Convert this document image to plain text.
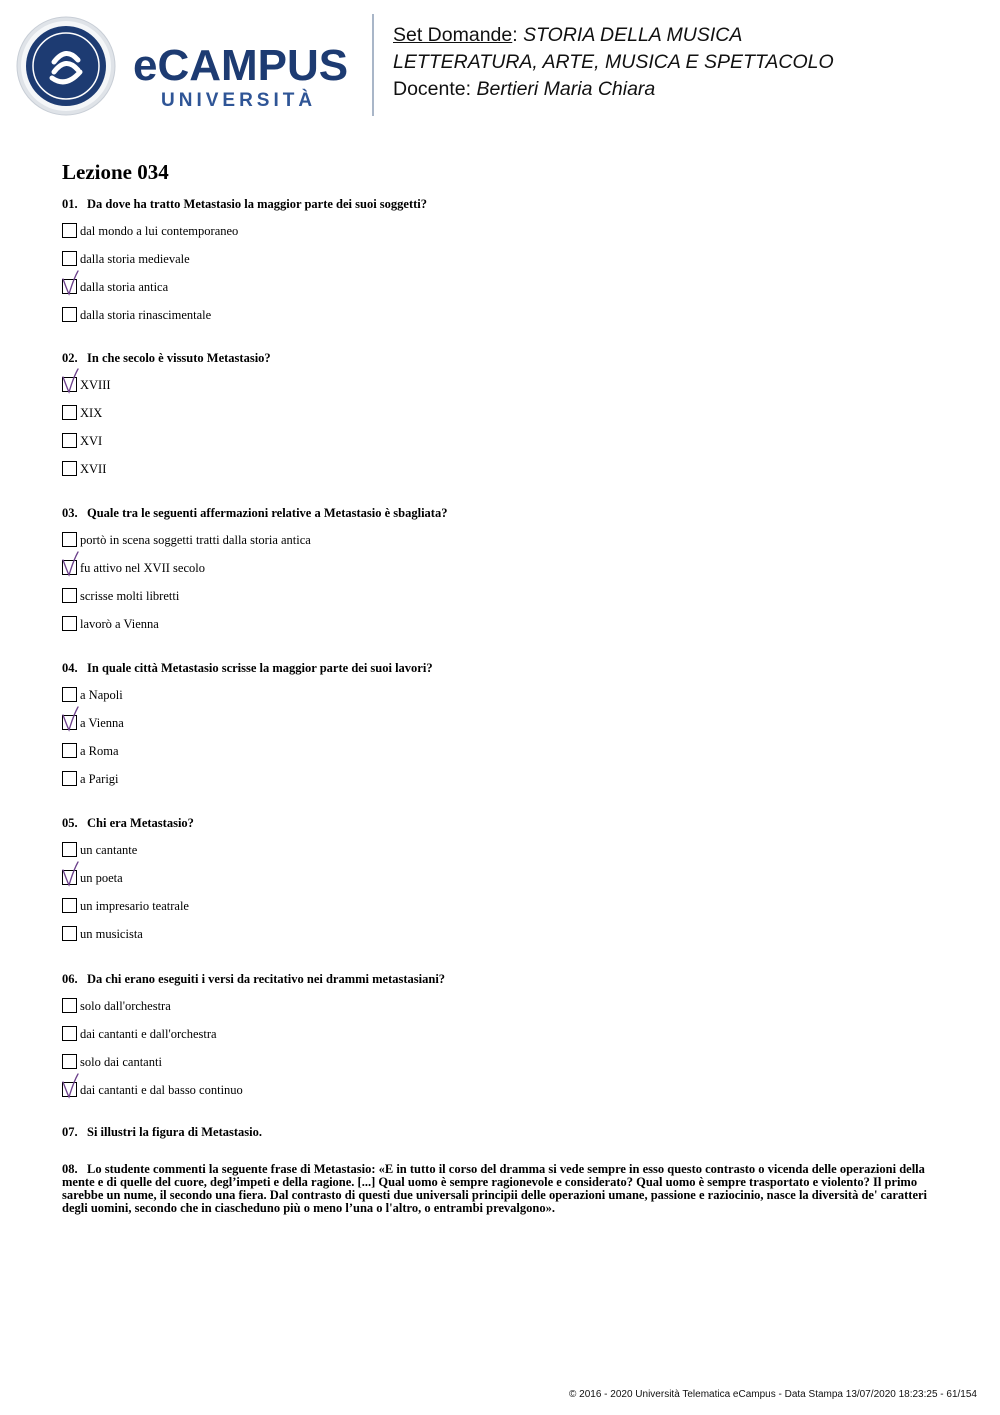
eCAMPUS
UNIVERSITÀ
Set Domande: STORIA DELLA MUSICA
LETTERATURA, ARTE, MUSICA E SPETTACOLO
Docente: Bertieri Maria Chiara
Lezione 034

01. Da dove ha tratto Metastasio la maggior parte dei suoi soggetti?

dal mondo a lui contemporaneo
dalla storia medievale
dalla storia antica
dalla storia rinascimentale

02. In che secolo è vissuto Metastasio?

XVIII
XIX
XVI
XVII

03. Quale tra le seguenti affermazioni relative a Metastasio è sbagliata?

portò in scena soggetti tratti dalla storia antica
fu attivo nel XVII secolo
scrisse molti libretti
lavorò a Vienna

04. In quale città Metastasio scrisse la maggior parte dei suoi lavori?

a Napoli
a Vienna
a Roma
a Parigi

05. Chi era Metastasio?

un cantante
un poeta
un impresario teatrale
un musicista

06. Da chi erano eseguiti i versi da recitativo nei drammi metastasiani?

solo dall'orchestra
dai cantanti e dall'orchestra
solo dai cantanti
dai cantanti e dal basso continuo

07. Si illustri la figura di Metastasio.

08. Lo studente commenti la seguente frase di Metastasio: «E in tutto il corso del dramma si vede sempre in esso questo contrasto o vicenda delle operazioni della mente e di quelle del cuore, degl’impeti e della ragione. [...] Qual uomo è sempre ragionevole e considerato? Qual uomo è sempre trasportato e violento? Il primo sarebbe un nume, il secondo una fiera. Dal contrasto di questi due universali principii delle operazioni umane, passione e raziocinio, nasce la diversità de' caratteri degli uomini, secondo che in ciascheduno più o meno l’una o l'altro, o entrambi prevalgono».

© 2016 - 2020 Università Telematica eCampus - Data Stampa 13/07/2020 18:23:25 - 61/154
